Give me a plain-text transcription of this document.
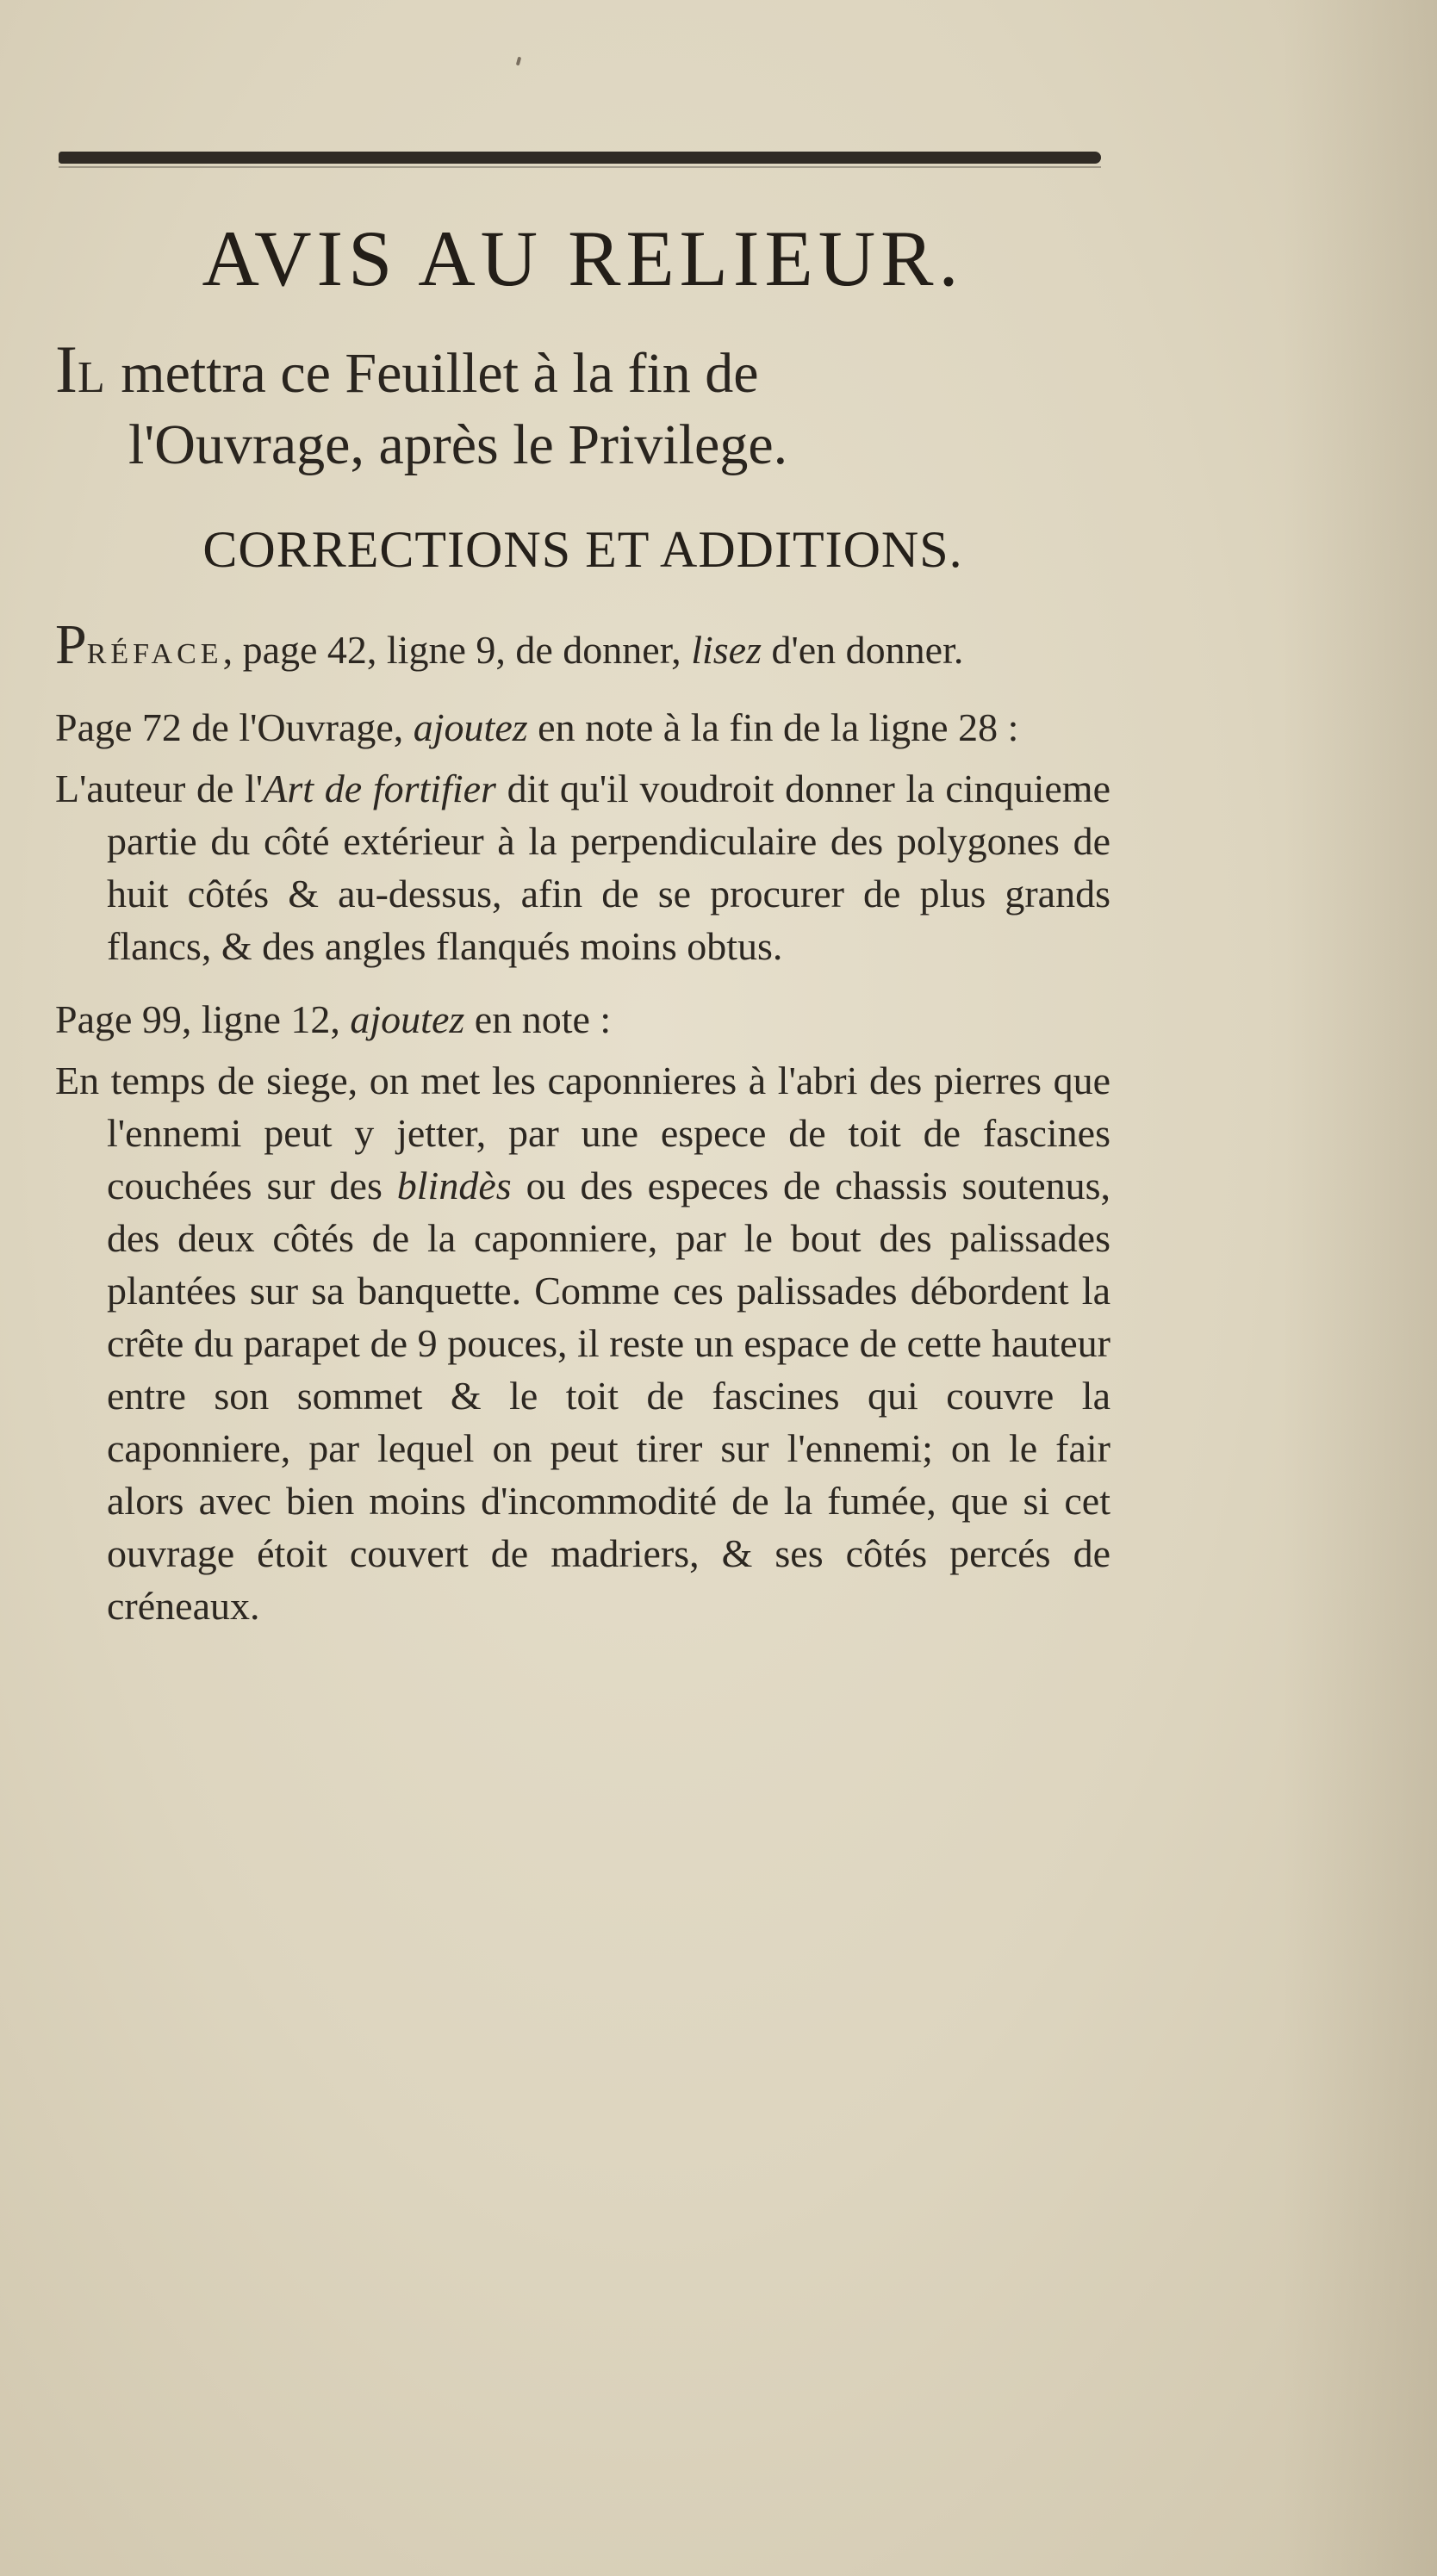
AVIS AU RELIEUR.
IL mettra ce Feuillet à la fin de
l'Ouvrage, après le Privilege.
CORRECTIONS ET ADDITIONS.
PRÉFACE, page 42, ligne 9, de donner, lisez d'en donner.
Page 72 de l'Ouvrage, ajoutez en note à la fin de la ligne 28 :
L'auteur de l'Art de fortifier dit qu'il voudroit donner la cinquieme partie du côté extérieur à la perpendiculaire des polygones de huit côtés & au-dessus, afin de se procurer de plus grands flancs, & des angles flanqués moins obtus.
Page 99, ligne 12, ajoutez en note :
En temps de siege, on met les caponnieres à l'abri des pierres que l'ennemi peut y jetter, par une espece de toit de fascines couchées sur des blindès ou des especes de chassis soutenus, des deux côtés de la caponniere, par le bout des palissades plantées sur sa banquette. Comme ces palissades débordent la crête du parapet de 9 pouces, il reste un espace de cette hauteur entre son sommet & le toit de fascines qui couvre la caponniere, par lequel on peut tirer sur l'ennemi; on le fair alors avec bien moins d'incommodité de la fumée, que si cet ouvrage étoit couvert de madriers, & ses côtés percés de créneaux.
